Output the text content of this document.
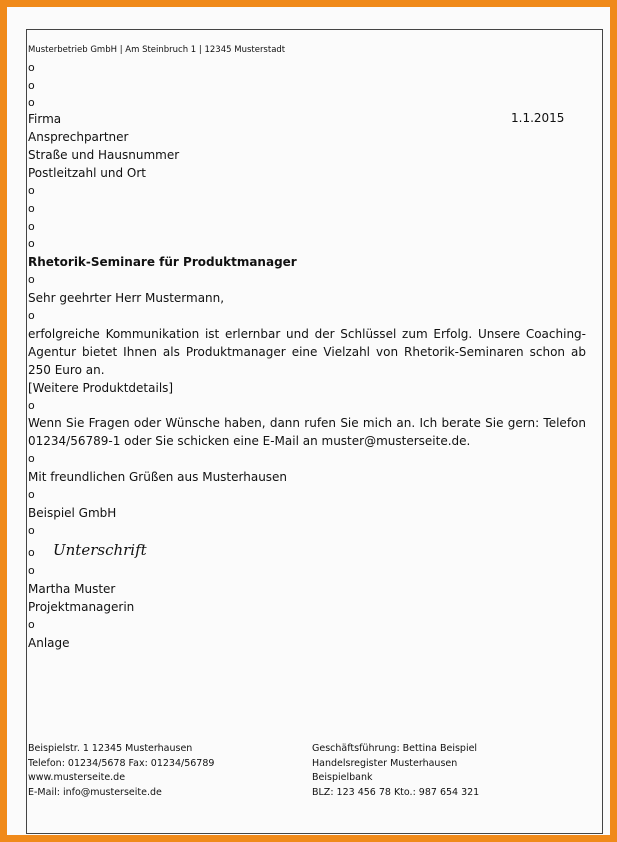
Musterbetrieb GmbH | Am Steinbruch 1 | 12345 Musterstadt
o
o
o
Firma	1.1.2015
Ansprechpartner
Straße und Hausnummer
Postleitzahl und Ort
o
o
o
o
Rhetorik-Seminare für Produktmanager
o
Sehr geehrter Herr Mustermann,
o
erfolgreiche Kommunikation ist erlernbar und der Schlüssel zum Erfolg. Unsere Coaching-Agentur bietet Ihnen als Produktmanager eine Vielzahl von Rhetorik-Seminaren schon ab 250 Euro an.
[Weitere Produktdetails]
o
Wenn Sie Fragen oder Wünsche haben, dann rufen Sie mich an. Ich berate Sie gern: Telefon 01234/56789-1 oder Sie schicken eine E-Mail an muster@musterseite.de.
o
Mit freundlichen Grüßen aus Musterhausen
o
Beispiel GmbH
o
o Unterschrift
o
Martha Muster
Projektmanagerin
o
Anlage
Beispielstr. 1 12345 Musterhausen
Telefon: 01234/5678 Fax: 01234/56789
www.musterseite.de
E-Mail: info@musterseite.de
Geschäftsführung: Bettina Beispiel
Handelsregister Musterhausen
Beispielbank
BLZ: 123 456 78 Kto.: 987 654 321
